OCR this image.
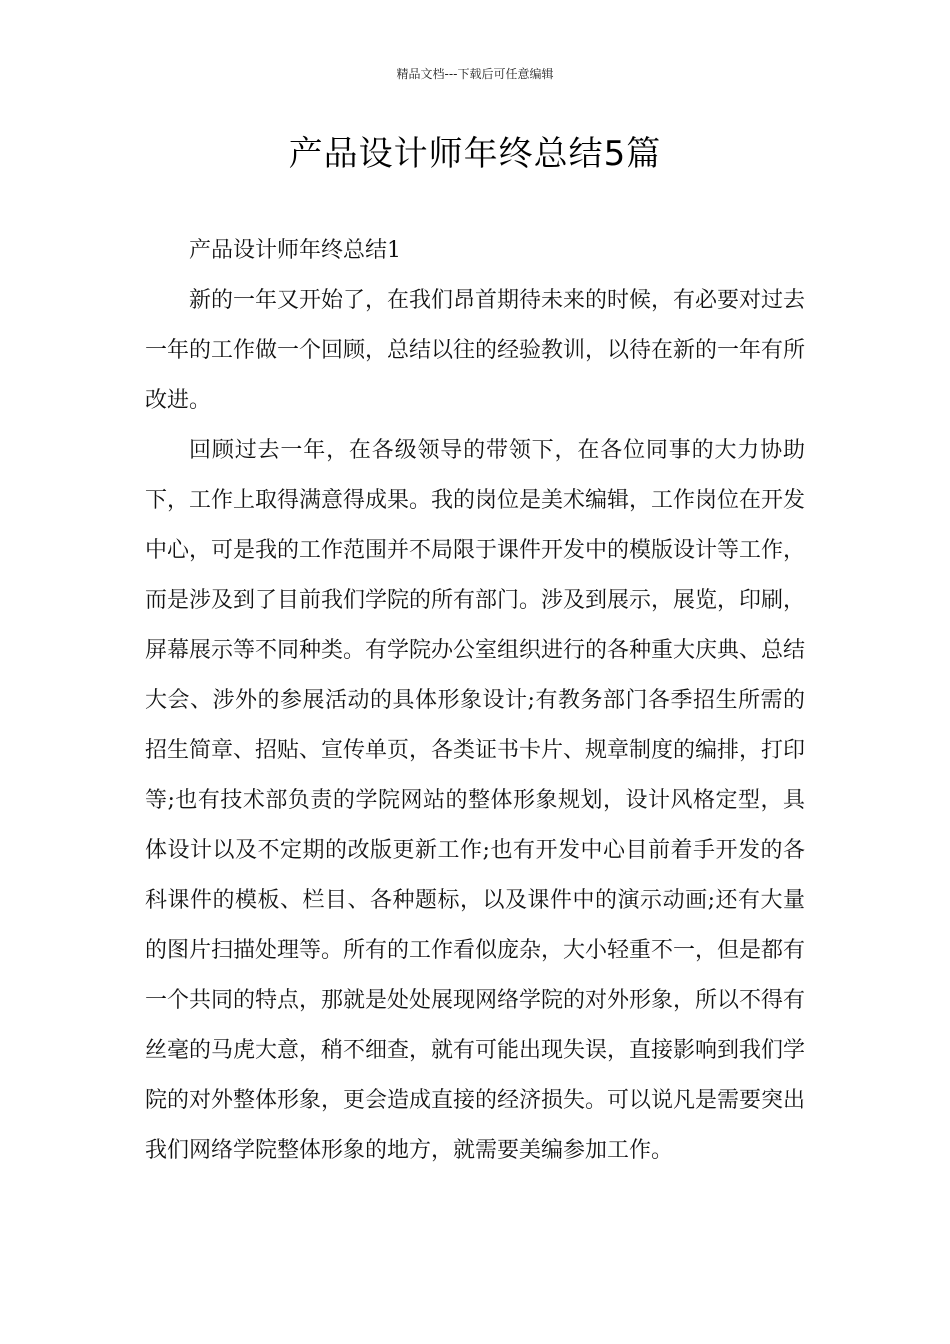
精品文档---下载后可任意编辑
产品设计师年终总结5篇

产品设计师年终总结1

新的一年又开始了，在我们昂首期待未来的时候，有必要对过去一年的工作做一个回顾，总结以往的经验教训，以待在新的一年有所改进。

回顾过去一年，在各级领导的带领下，在各位同事的大力协助下，工作上取得满意得成果。我的岗位是美术编辑，工作岗位在开发中心，可是我的工作范围并不局限于课件开发中的模版设计等工作，而是涉及到了目前我们学院的所有部门。涉及到展示，展览，印刷，屏幕展示等不同种类。有学院办公室组织进行的各种重大庆典、总结大会、涉外的参展活动的具体形象设计;有教务部门各季招生所需的招生简章、招贴、宣传单页，各类证书卡片、规章制度的编排，打印等;也有技术部负责的学院网站的整体形象规划，设计风格定型，具体设计以及不定期的改版更新工作;也有开发中心目前着手开发的各科课件的模板、栏目、各种题标，以及课件中的演示动画;还有大量的图片扫描处理等。所有的工作看似庞杂，大小轻重不一，但是都有一个共同的特点，那就是处处展现网络学院的对外形象，所以不得有丝毫的马虎大意，稍不细查，就有可能出现失误，直接影响到我们学院的对外整体形象，更会造成直接的经济损失。可以说凡是需要突出我们网络学院整体形象的地方，就需要美编参加工作。
